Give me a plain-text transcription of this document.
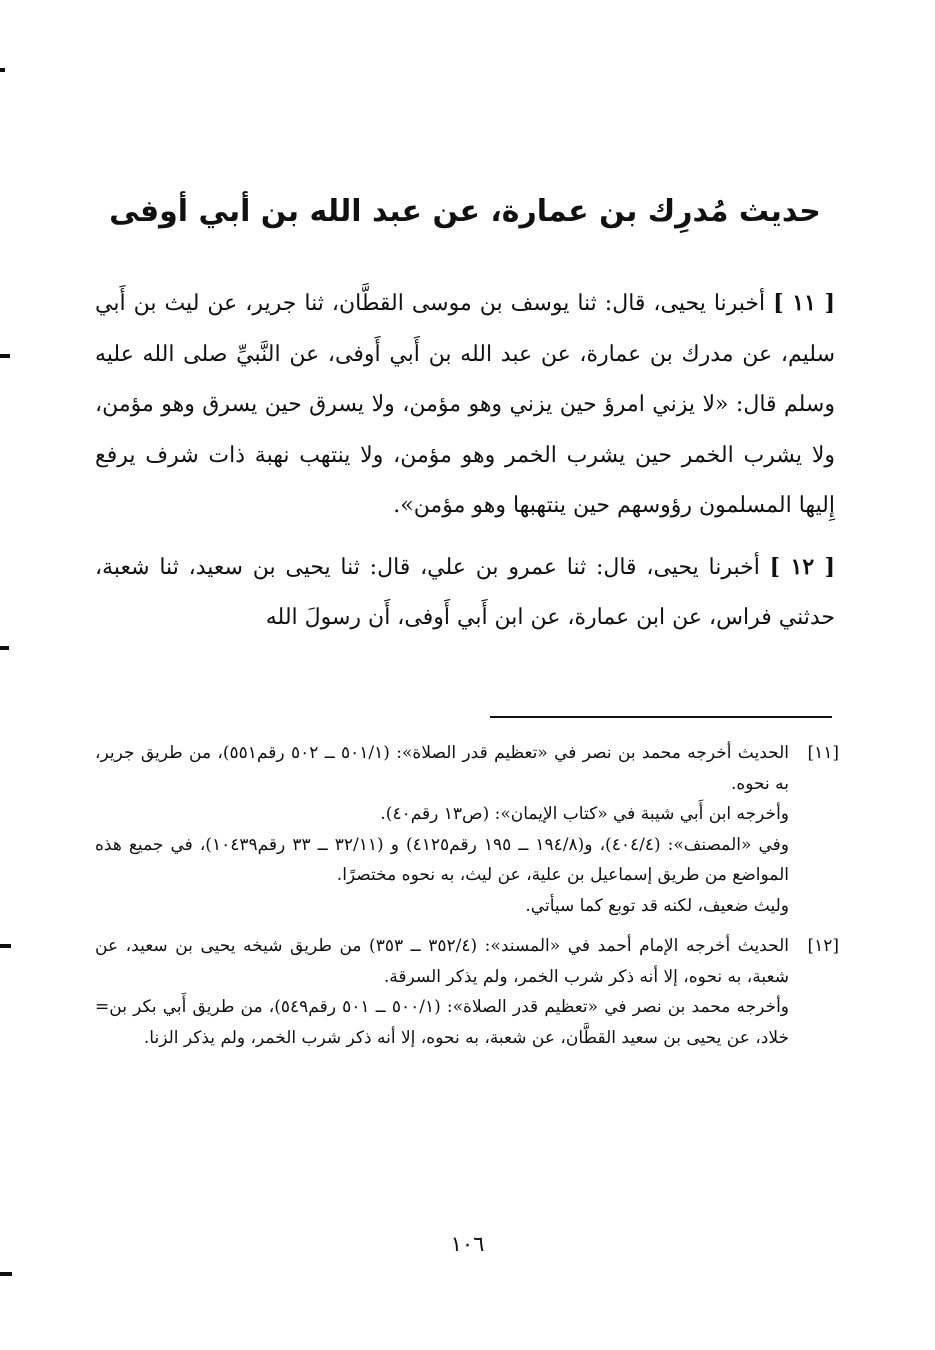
حديث مُدرِك بن عمارة، عن عبد الله بن أبي أوفى

[ ١١ ] أخبرنا يحيى، قال: ثنا يوسف بن موسى القطَّان، ثنا جرير، عن ليث بن أَبي سليم، عن مدرك بن عمارة، عن عبد الله بن أَبي أَوفى، عن النَّبيِّ صلى الله عليه وسلم قال: «لا يزني امرؤ حين يزني وهو مؤمن، ولا يسرق حين يسرق وهو مؤمن، ولا يشرب الخمر حين يشرب الخمر وهو مؤمن، ولا ينتهب نهبة ذات شرف يرفع إِليها المسلمون رؤوسهم حين ينتهبها وهو مؤمن».

[ ١٢ ] أخبرنا يحيى، قال: ثنا عمرو بن علي، قال: ثنا يحيى بن سعيد، ثنا شعبة، حدثني فراس، عن ابن عمارة، عن ابن أَبي أَوفى، أَن رسولَ الله

[١١]
الحديث أخرجه محمد بن نصر في «تعظيم قدر الصلاة»: (٥٠١/١ ــ ٥٠٢ رقم٥٥١)، من طريق جرير، به نحوه.
وأخرجه ابن أَبي شيبة في «كتاب الإيمان»: (ص١٣ رقم٤٠).
وفي «المصنف»: (٤٠٤/٤)، و(١٩٤/٨ ــ ١٩٥ رقم٤١٢٥) و (٣٢/١١ ــ ٣٣ رقم١٠٤٣٩)، في جميع هذه المواضع من طريق إسماعيل بن علية، عن ليث، به نحوه مختصرًا.
وليث ضعيف، لكنه قد توبع كما سيأتي.
[١٢]
الحديث أخرجه الإمام أحمد في «المسند»: (٣٥٢/٤ ــ ٣٥٣) من طريق شيخه يحيى بن سعيد، عن شعبة، به نحوه، إلا أنه ذكر شرب الخمر، ولم يذكر السرقة.
= وأخرجه محمد بن نصر في «تعظيم قدر الصلاة»: (٥٠٠/١ ــ ٥٠١ رقم٥٤٩)، من طريق أَبي بكر بن خلاد، عن يحيى بن سعيد القطَّان، عن شعبة، به نحوه، إلا أنه ذكر شرب الخمر، ولم يذكر الزنا.
١٠٦
